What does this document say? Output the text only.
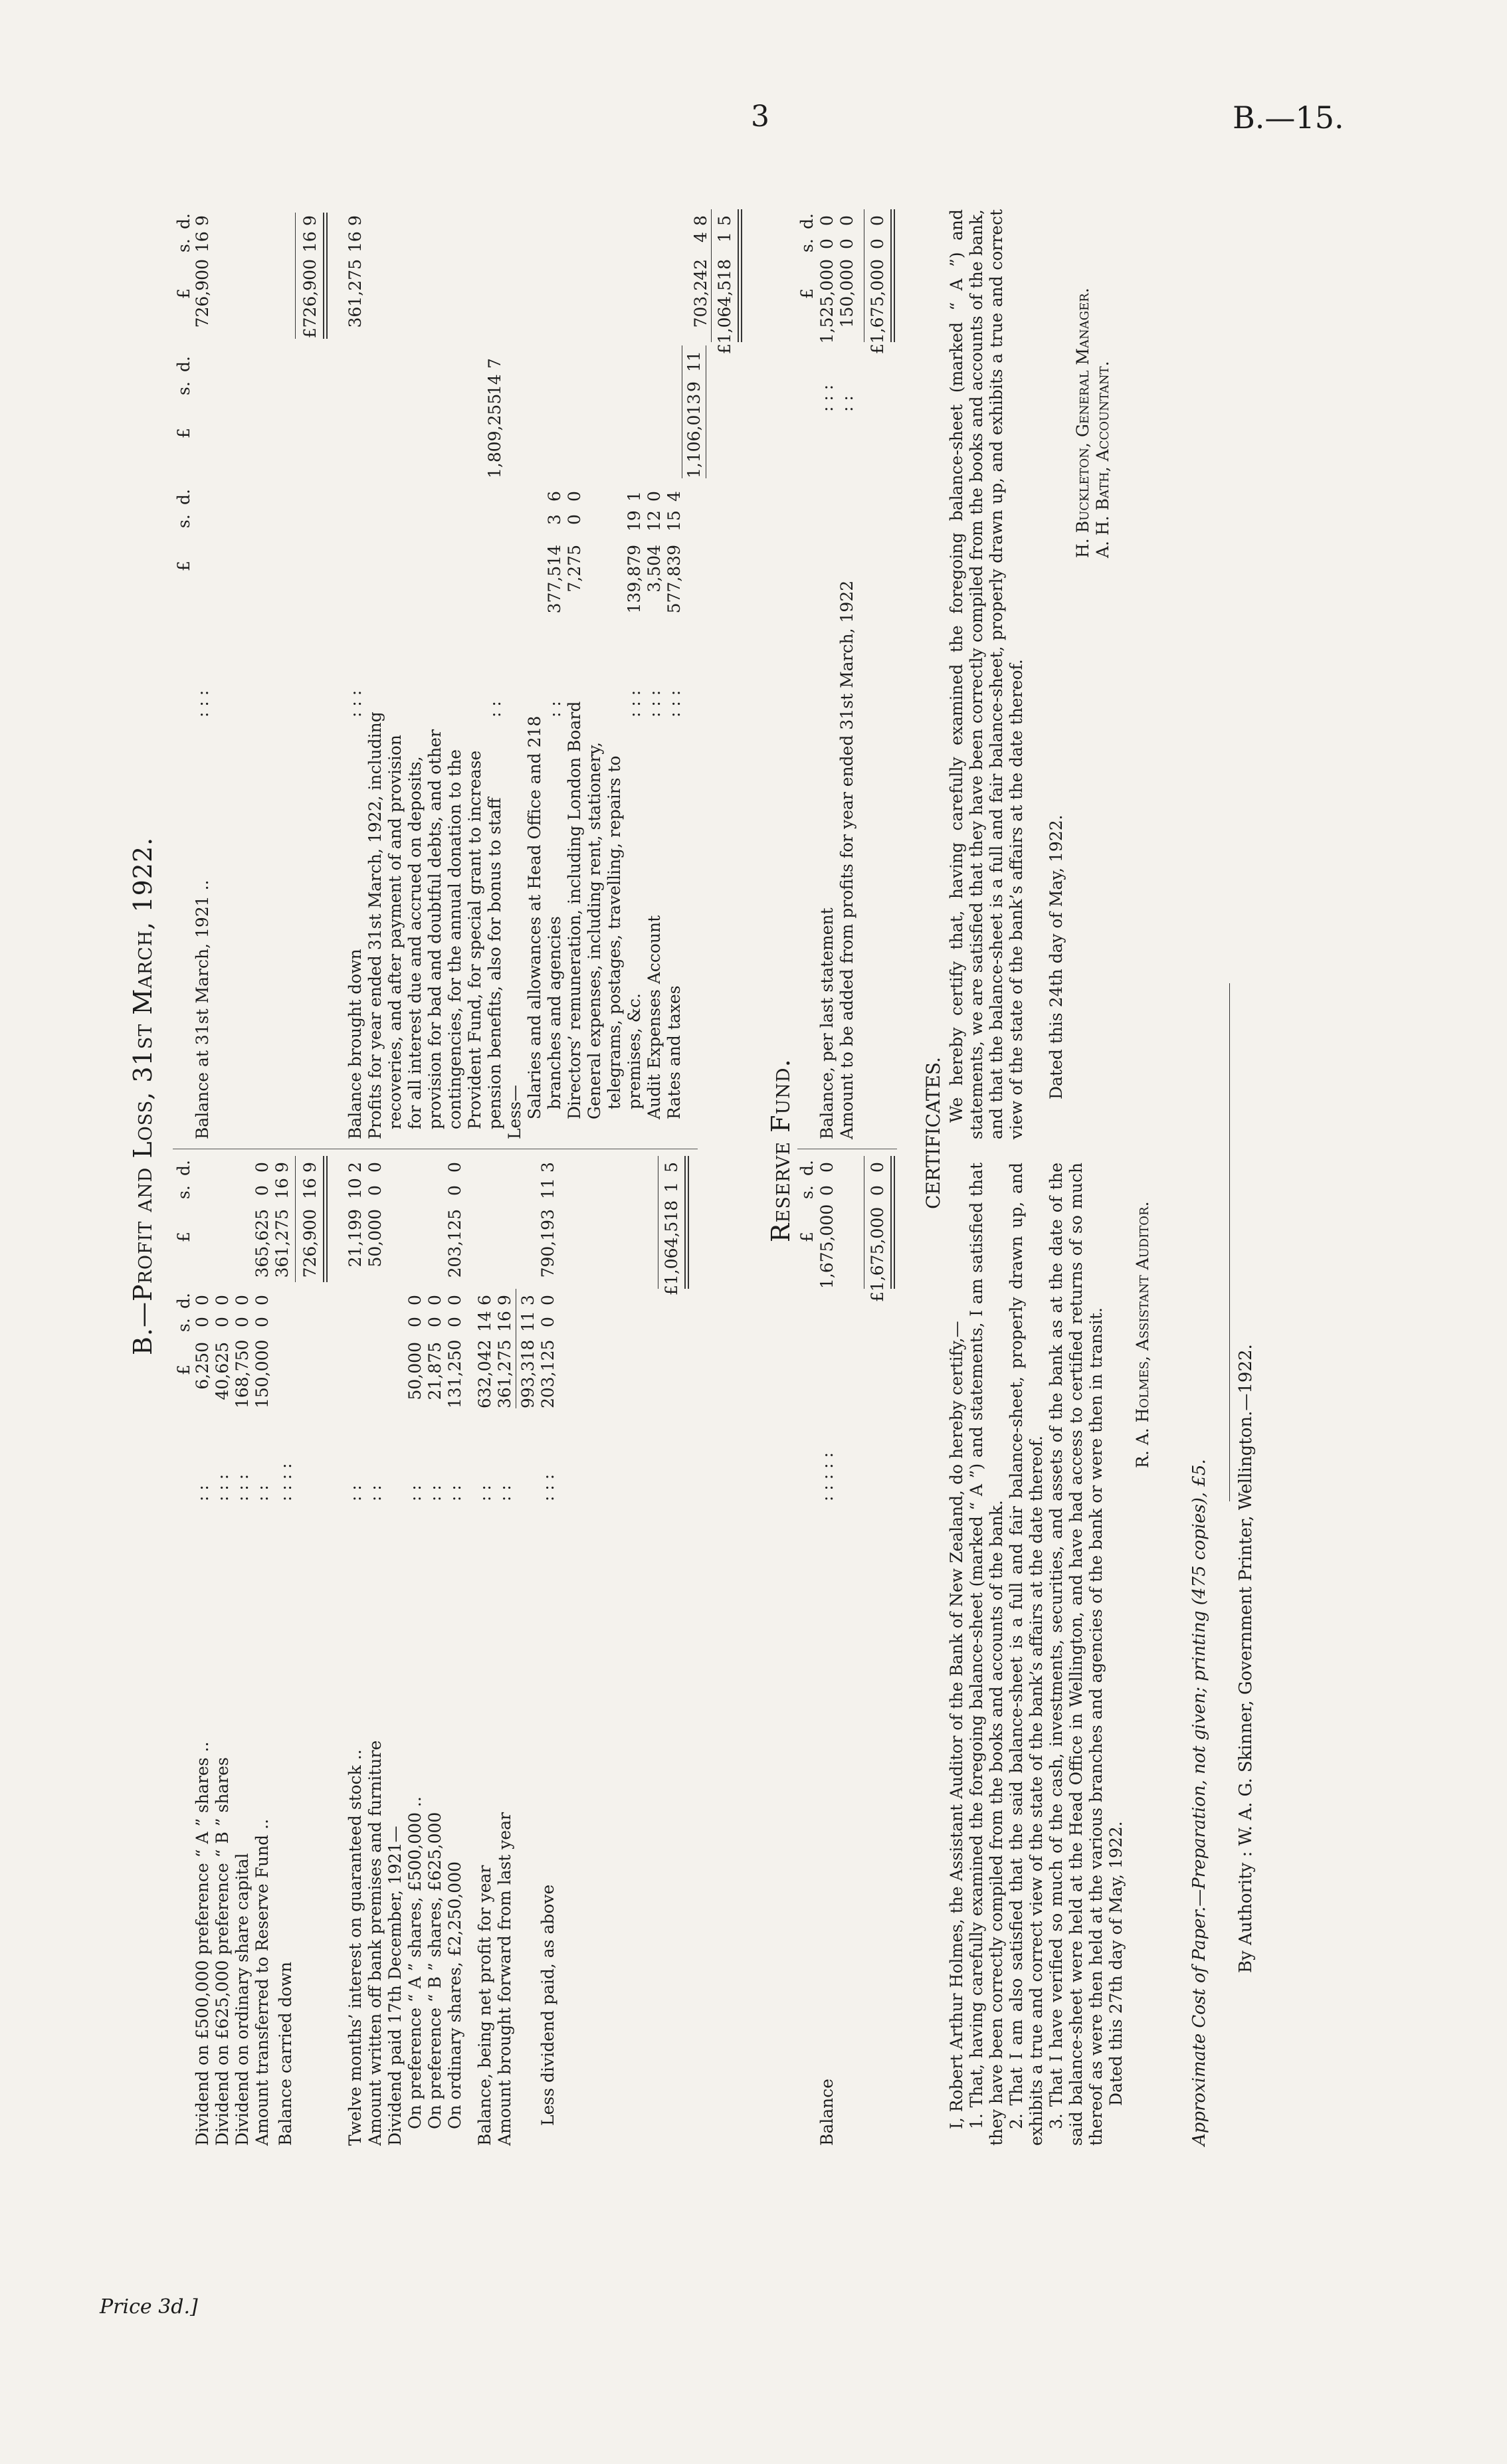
3	B.—15.
B.—Profit and Loss, 31st March, 1922.
£
s.
d.
£
s.
d.
Dividend on £500,000 preference “ A ” shares ..
: :
6,250
0
0
Dividend on £625,000 preference “ B ” shares
: : :
40,625
0
0
Dividend on ordinary share capital
: : :
168,750
0
0
Amount transferred to Reserve Fund ..
: :
150,000
0
0
365,625
0
0
Balance carried down
: : : :
361,275
16
9
726,900
16
9
Twelve months’ interest on guaranteed stock ..
: :
21,199
10
2
Amount written off bank premises and furniture
: :
50,000
0
0
Dividend paid 17th December, 1921— On preference “ A ” shares, £500,000 ..
: :
50,000
0
0
On preference “ B ” shares, £625,000
: :
21,875
0
0
On ordinary shares, £2,250,000
: :
131,250
0
0
203,125
0
0
Balance, being net profit for year
: :
632,042
14
6
Amount brought forward from last year
: :
361,275
16
9
993,318
11
3
Less dividend paid, as above
: : :
203,125
0
0
790,193
11
3
£1,064,518
1
5
£
s.
d.
£
s.
d.
£
s.
d.
Balance at 31st March, 1921 ..
: : :
726,900
16
9
£726,900
16
9
Balance brought down
: : :
361,275
16
9
Profits for year ended 31st March, 1922, including recoveries, and after payment of and provision for all interest due and accrued on deposits, provision for bad and doubtful debts, and other contingencies, for the annual donation to the Provident Fund, for special grant to increase pension benefits, also for bonus to staff Less—
: :
1,809,255
14
7
Salaries and allowances at Head Office and 218 branches and agencies
: :
377,514
3
6
Directors’ remuneration, including London Board
7,275
0
0
General expenses, including rent, stationery, telegrams, postages, travelling, repairs to premises, &c.
: : :
139,879
19
1
Audit Expenses Account
: : :
3,504
12
0
Rates and taxes
: : :
577,839
15
4
1,106,013
9
11
703,242
4
8
£1,064,518
1
5
Reserve Fund. £
s.
d.
Balance
: : : : :
1,675,000
0
0
£1,675,000
0
0
£
s.
d.
Balance, per last statement
: : :
1,525,000
0
0
Amount to be added from profits for year ended 31st March, 1922
: :
150,000
0
0
£1,675,000
0
0
CERTIFICATES.
I, Robert Arthur Holmes, the Assistant Auditor of the Bank of New Zealand, do hereby certify,— 1. That, having carefully examined the foregoing balance-sheet (marked “ A ”) and statements, I am satisfied that they have been correctly compiled from the books and accounts of the bank. 2. That I am also satisfied that the said balance-sheet is a full and fair balance-sheet, properly drawn up, and exhibits a true and correct view of the state of the bank’s affairs at the date thereof. 3. That I have verified so much of the cash, investments, securities, and assets of the bank as at the date of the said balance-sheet were held at the Head Office in Wellington, and have had access to certified returns of so much thereof as were then held at the various branches and agencies of the bank or were then in transit. Dated this 27th day of May, 1922.
R. A. Holmes, Assistant Auditor.
We hereby certify that, having carefully examined the foregoing balance-sheet (marked “ A ”) and statements, we are satisfied that they have been correctly compiled from the books and accounts of the bank, and that the balance-sheet is a full and fair balance-sheet, properly drawn up, and exhibits a true and correct view of the state of the bank’s affairs at the date thereof. Dated this 24th day of May, 1922.
H. Buckleton, General Manager. A. H. Bath, Accountant.
Approximate Cost of Paper.—Preparation, not given; printing (475 copies), £5. By Authority : W. A. G. Skinner, Government Printer, Wellington.—1922.
Price 3d.]
